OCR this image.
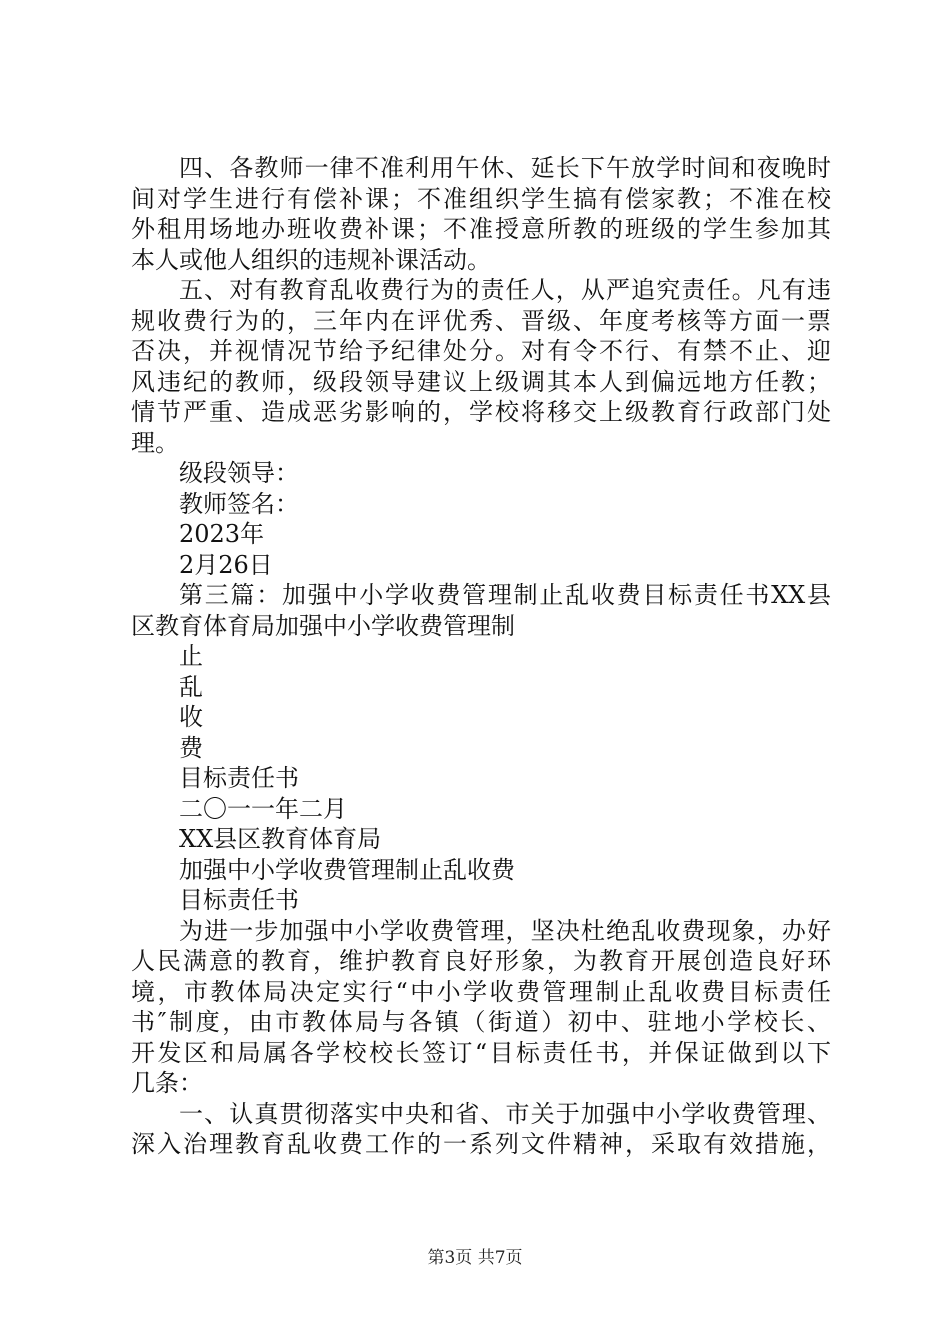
四、各教师一律不准利用午休、延长下午放学时间和夜晚时
间对学生进行有偿补课；不准组织学生搞有偿家教；不准在校
外租用场地办班收费补课；不准授意所教的班级的学生参加其
本人或他人组织的违规补课活动。
五、对有教育乱收费行为的责任人，从严追究责任。凡有违
规收费行为的，三年内在评优秀、晋级、年度考核等方面一票
否决，并视情况节给予纪律处分。对有令不行、有禁不止、迎
风违纪的教师，级段领导建议上级调其本人到偏远地方任教；
情节严重、造成恶劣影响的，学校将移交上级教育行政部门处
理。
级段领导：
教师签名：
2023年
2月26日
第三篇：加强中小学收费管理制止乱收费目标责任书XX县
区教育体育局加强中小学收费管理制
止
乱
收
费
目标责任书
二〇一一年二月
XX县区教育体育局
加强中小学收费管理制止乱收费
目标责任书
为进一步加强中小学收费管理，坚决杜绝乱收费现象，办好
人民满意的教育，维护教育良好形象，为教育开展创造良好环
境，市教体局决定实行“中小学收费管理制止乱收费目标责任
书″制度，由市教体局与各镇（街道）初中、驻地小学校长、
开发区和局属各学校校长签订“目标责任书，并保证做到以下
几条：
一、认真贯彻落实中央和省、市关于加强中小学收费管理、
深入治理教育乱收费工作的一系列文件精神，采取有效措施，
第3页 共7页
